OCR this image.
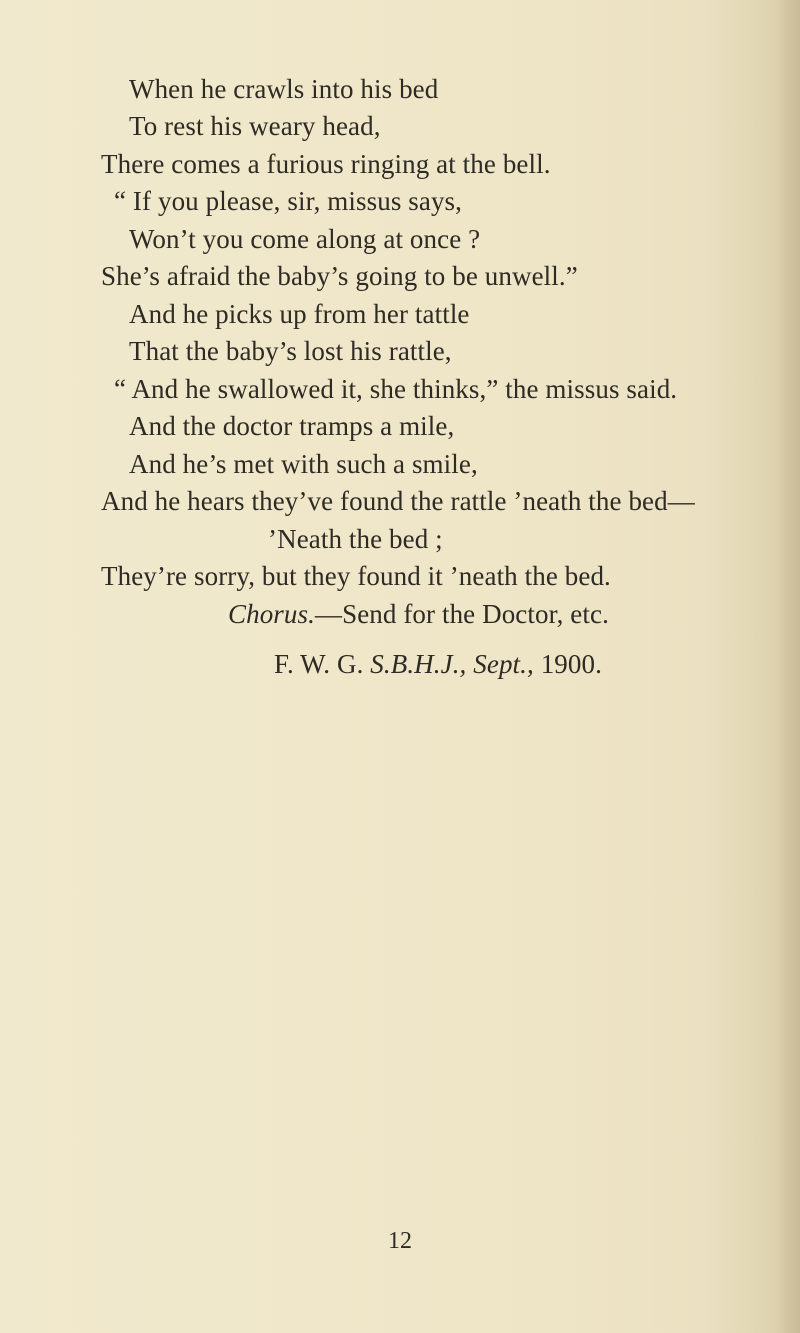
When he crawls into his bed
To rest his weary head,
There comes a furious ringing at the bell.
“ If you please, sir, missus says,
Won’t you come along at once ?
She’s afraid the baby’s going to be unwell.”
And he picks up from her tattle
That the baby’s lost his rattle,
“ And he swallowed it, she thinks,” the missus said.
And the doctor tramps a mile,
And he’s met with such a smile,
And he hears they’ve found the rattle ’neath the bed—
’Neath the bed ;
They’re sorry, but they found it ’neath the bed.
Chorus.—Send for the Doctor, etc.
F. W. G. S.B.H.J., Sept., 1900.
12
